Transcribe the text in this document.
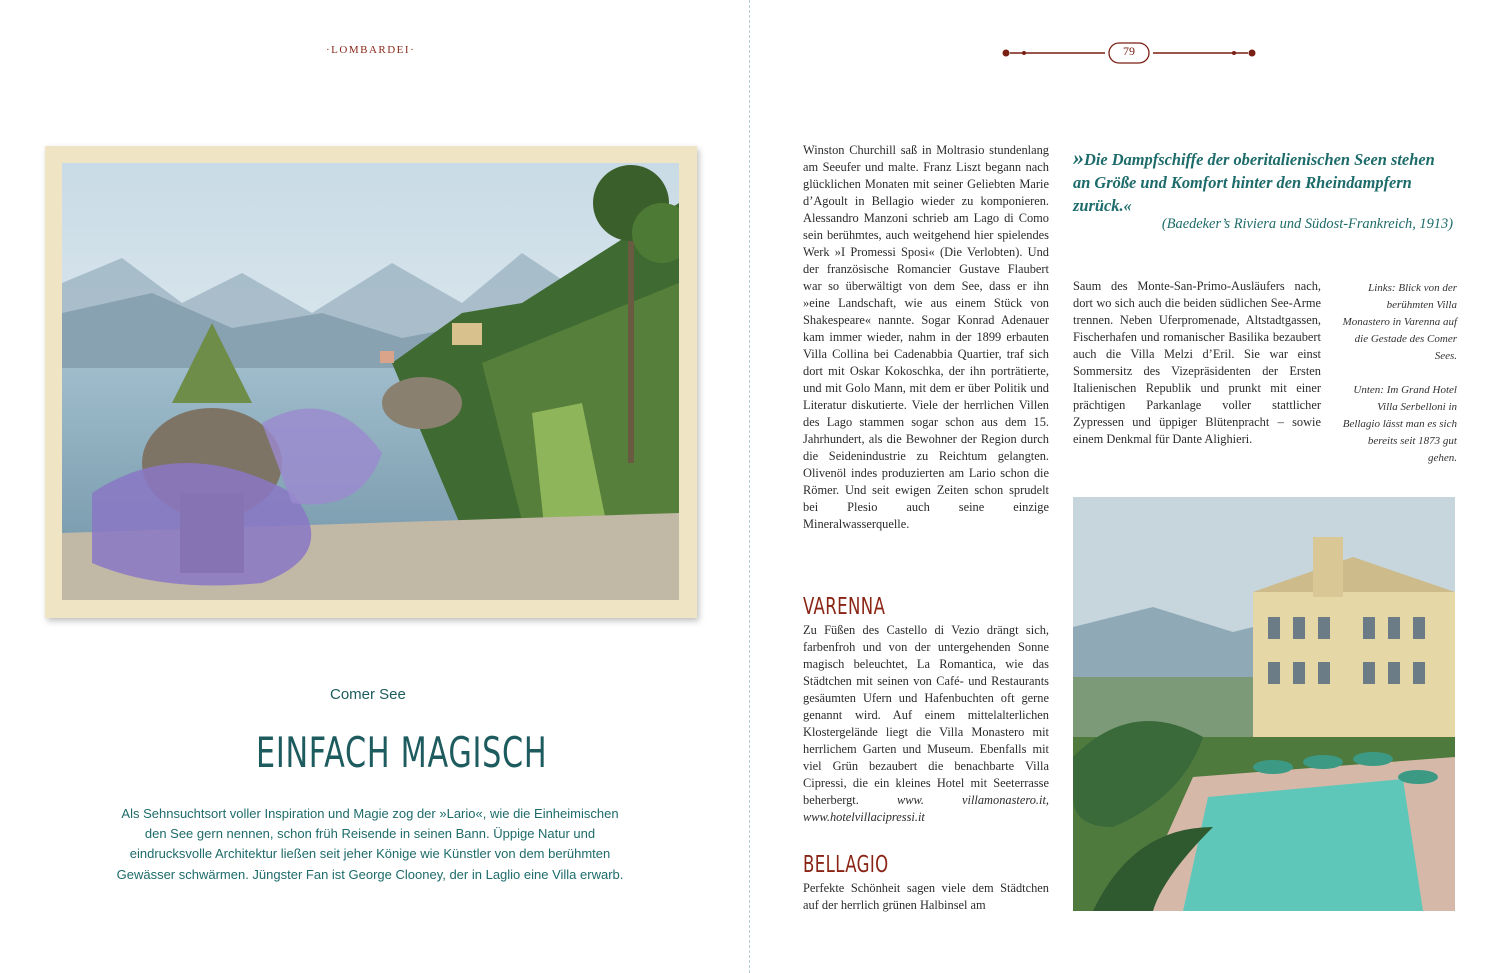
·LOMBARDEI·
Comer See
EINFACH MAGISCH

Als Sehnsuchtsort voller Inspiration und Magie zog der »Lario«, wie die Einheimischen den See gern nennen, schon früh Reisende in seinen Bann. Üppige Natur und eindrucksvolle Architektur ließen seit jeher Könige wie Künstler von dem berühmten Gewässer schwärmen. Jüngster Fan ist George Clooney, der in Laglio eine Villa erwarb.

79

Winston Churchill saß in Moltrasio stundenlang am Seeufer und malte. Franz Liszt begann nach glücklichen Monaten mit seiner Geliebten Marie d’Agoult in Bellagio wieder zu komponieren. Alessandro Manzoni schrieb am Lago di Como sein berühmtes, auch weitgehend hier spielendes Werk »I Promessi Sposi« (Die Verlobten). Und der französische Romancier Gustave Flaubert war so überwältigt von dem See, dass er ihn »eine Landschaft, wie aus einem Stück von Shakespeare« nannte. Sogar Konrad Adenauer kam immer wieder, nahm in der 1899 erbauten Villa Collina bei Cadenabbia Quartier, traf sich dort mit Oskar Kokoschka, der ihn porträtierte, und mit Golo Mann, mit dem er über Politik und Literatur diskutierte. Viele der herrlichen Villen des Lago stammen sogar schon aus dem 15. Jahrhundert, als die Bewohner der Region durch die Seidenindustrie zu Reichtum gelangten. Olivenöl indes produzierten am Lario schon die Römer. Und seit ewigen Zeiten schon sprudelt bei Plesio auch seine einzige Mineralwasserquelle.

VARENNA

Zu Füßen des Castello di Vezio drängt sich, farbenfroh und von der untergehenden Sonne magisch beleuchtet, La Romantica, wie das Städtchen mit seinen von Café- und Restaurants gesäumten Ufern und Hafenbuchten oft gerne genannt wird. Auf einem mittelalterlichen Klostergelände liegt die Villa Monastero mit herrlichem Garten und Museum. Ebenfalls mit viel Grün bezaubert die benachbarte Villa Cipressi, die ein kleines Hotel mit Seeterrasse beherbergt.	www. villamonastero.it, www.hotelvillacipressi.it

BELLAGIO

Perfekte Schönheit sagen viele dem Städtchen auf der herrlich grünen Halbinsel am

»Die Dampfschiffe der oberitalienischen Seen stehen an Größe und Komfort hinter den Rheindampfern zurück.«
(Baedeker’s Riviera und Südost-Frankreich, 1913)

Saum des Monte-San-Primo-Ausläufers nach, dort wo sich auch die beiden südlichen See-Arme trennen. Neben Uferpromenade, Altstadtgassen, Fischerhafen und romanischer Basilika bezaubert auch die Villa Melzi d’Eril. Sie war einst Sommersitz des Vizepräsidenten der Ersten Italienischen Republik und prunkt mit einer prächtigen Parkanlage voller stattlicher Zypressen und üppiger Blütenpracht – sowie einem Denkmal für Dante Alighieri.

Links: Blick von der berühmten Villa Monastero in Varenna auf die Gestade des Comer Sees.

Unten: Im Grand Hotel Villa Serbelloni in Bellagio lässt man es sich bereits seit 1873 gut gehen.
